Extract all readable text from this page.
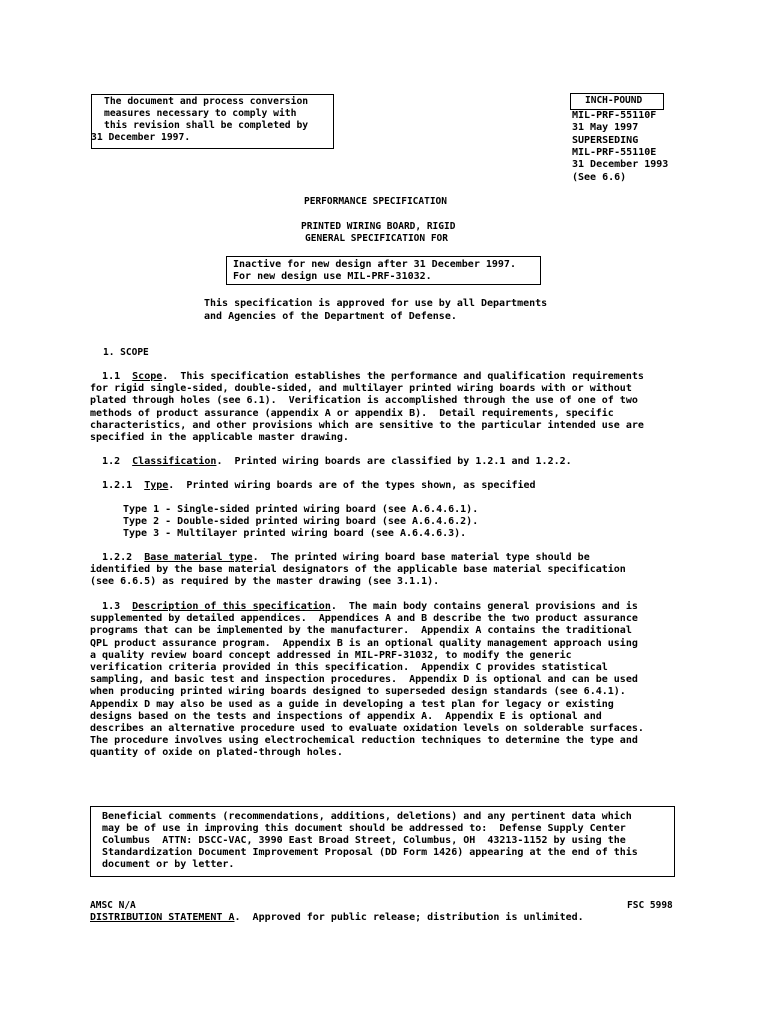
The document and process conversion
measures necessary to comply with
this revision shall be completed by
31 December 1997.
INCH-POUND
MIL-PRF-55110F
31 May 1997
SUPERSEDING
MIL-PRF-55110E
31 December 1993
(See 6.6)
PERFORMANCE SPECIFICATION
PRINTED WIRING BOARD, RIGID
GENERAL SPECIFICATION FOR
Inactive for new design after 31 December 1997.
For new design use MIL-PRF-31032.
This specification is approved for use by all Departments
and Agencies of the Department of Defense.
1. SCOPE
1.1 Scope.  This specification establishes the performance and qualification requirements
for rigid single-sided, double-sided, and multilayer printed wiring boards with or without
plated through holes (see 6.1).  Verification is accomplished through the use of one of two
methods of product assurance (appendix A or appendix B).  Detail requirements, specific
characteristics, and other provisions which are sensitive to the particular intended use are
specified in the applicable master drawing.
1.2 Classification.  Printed wiring boards are classified by 1.2.1 and 1.2.2.
1.2.1 Type.  Printed wiring boards are of the types shown, as specified
Type 1 - Single-sided printed wiring board (see A.6.4.6.1).
Type 2 - Double-sided printed wiring board (see A.6.4.6.2).
Type 3 - Multilayer printed wiring board (see A.6.4.6.3).
1.2.2 Base material type.  The printed wiring board base material type should be
identified by the base material designators of the applicable base material specification
(see 6.6.5) as required by the master drawing (see 3.1.1).
1.3 Description of this specification.  The main body contains general provisions and is
supplemented by detailed appendices.  Appendices A and B describe the two product assurance
programs that can be implemented by the manufacturer.  Appendix A contains the traditional
QPL product assurance program.  Appendix B is an optional quality management approach using
a quality review board concept addressed in MIL-PRF-31032, to modify the generic
verification criteria provided in this specification.  Appendix C provides statistical
sampling, and basic test and inspection procedures.  Appendix D is optional and can be used
when producing printed wiring boards designed to superseded design standards (see 6.4.1).
Appendix D may also be used as a guide in developing a test plan for legacy or existing
designs based on the tests and inspections of appendix A.  Appendix E is optional and
describes an alternative procedure used to evaluate oxidation levels on solderable surfaces.
The procedure involves using electrochemical reduction techniques to determine the type and
quantity of oxide on plated-through holes.
Beneficial comments (recommendations, additions, deletions) and any pertinent data which
may be of use in improving this document should be addressed to:  Defense Supply Center
Columbus  ATTN: DSCC-VAC, 3990 East Broad Street, Columbus, OH  43213-1152 by using the
Standardization Document Improvement Proposal (DD Form 1426) appearing at the end of this
document or by letter.
AMSC N/A	FSC 5998
DISTRIBUTION STATEMENT A.  Approved for public release; distribution is unlimited.
